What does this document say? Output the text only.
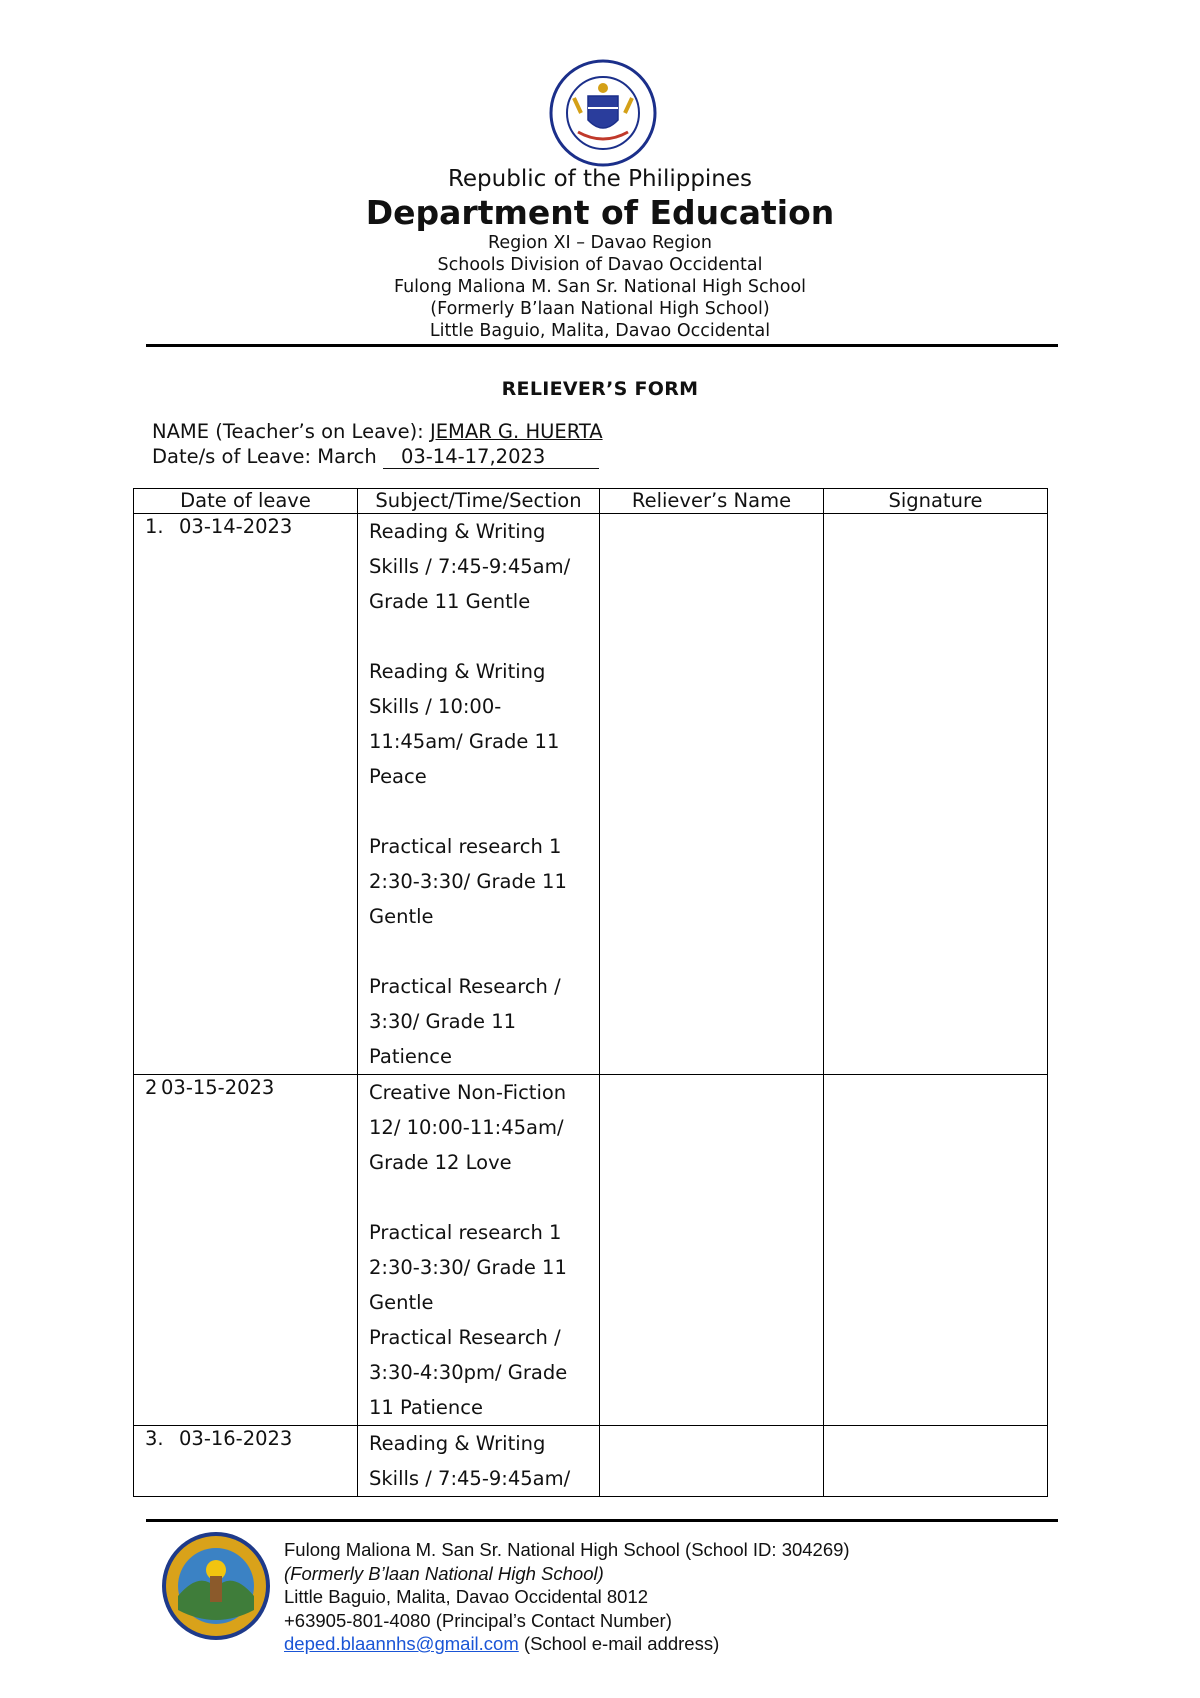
Republic of the Philippines
Department of Education
Region XI – Davao Region
Schools Division of Davao Occidental
Fulong Maliona M. San Sr. National High School
(Formerly B’laan National High School)
Little Baguio, Malita, Davao Occidental
RELIEVER’S FORM
NAME (Teacher’s on Leave): JEMAR G. HUERTA
Date/s of Leave: March 03-14-17,2023
Date of leave	Subject/Time/Section	Reliever’s Name	Signature
1. 03-14-2023	Reading & Writing Skills / 7:45-9:45am/ Grade 11 Gentle
Reading & Writing Skills / 10:00-11:45am/ Grade 11 Peace
Practical research 1 2:30-3:30/ Grade 11 Gentle
Practical Research / 3:30/ Grade 11 Patience		

2 03-15-2023	Creative Non-Fiction 12/ 10:00-11:45am/ Grade 12 Love
Practical research 1 2:30-3:30/ Grade 11 Gentle
Practical Research / 3:30-4:30pm/ Grade 11 Patience		

3. 03-16-2023	Reading & Writing Skills / 7:45-9:45am/		

Fulong Maliona M. San Sr. National High School (School ID: 304269)
(Formerly B’laan National High School)
Little Baguio, Malita, Davao Occidental 8012
+63905-801-4080 (Principal’s Contact Number)
deped.blaannhs@gmail.com (School e-mail address)
